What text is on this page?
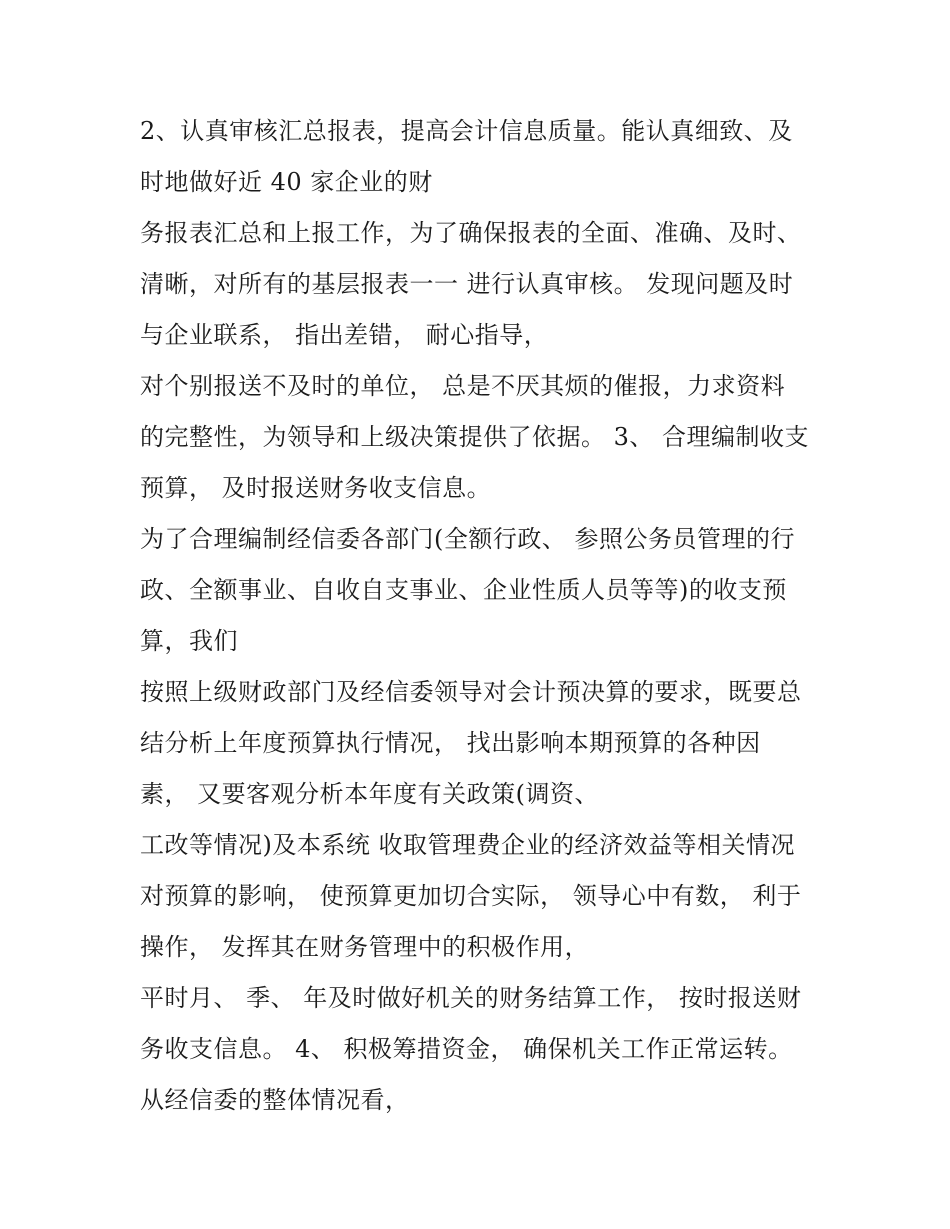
2、认真审核汇总报表，提高会计信息质量。能认真细致、及
时地做好近 40 家企业的财
务报表汇总和上报工作，为了确保报表的全面、准确、及时、
清晰，对所有的基层报表一一 进行认真审核。 发现问题及时
与企业联系， 指出差错， 耐心指导，
对个别报送不及时的单位， 总是不厌其烦的催报，力求资料
的完整性，为领导和上级决策提供了依据。 3、 合理编制收支
预算， 及时报送财务收支信息。
为了合理编制经信委各部门(全额行政、 参照公务员管理的行
政、全额事业、自收自支事业、企业性质人员等等)的收支预
算，我们
按照上级财政部门及经信委领导对会计预决算的要求，既要总
结分析上年度预算执行情况， 找出影响本期预算的各种因
素， 又要客观分析本年度有关政策(调资、
工改等情况)及本系统 收取管理费企业的经济效益等相关情况
对预算的影响， 使预算更加切合实际， 领导心中有数， 利于
操作， 发挥其在财务管理中的积极作用，
平时月、 季、 年及时做好机关的财务结算工作， 按时报送财
务收支信息。 4、 积极筹措资金， 确保机关工作正常运转。
从经信委的整体情况看，
